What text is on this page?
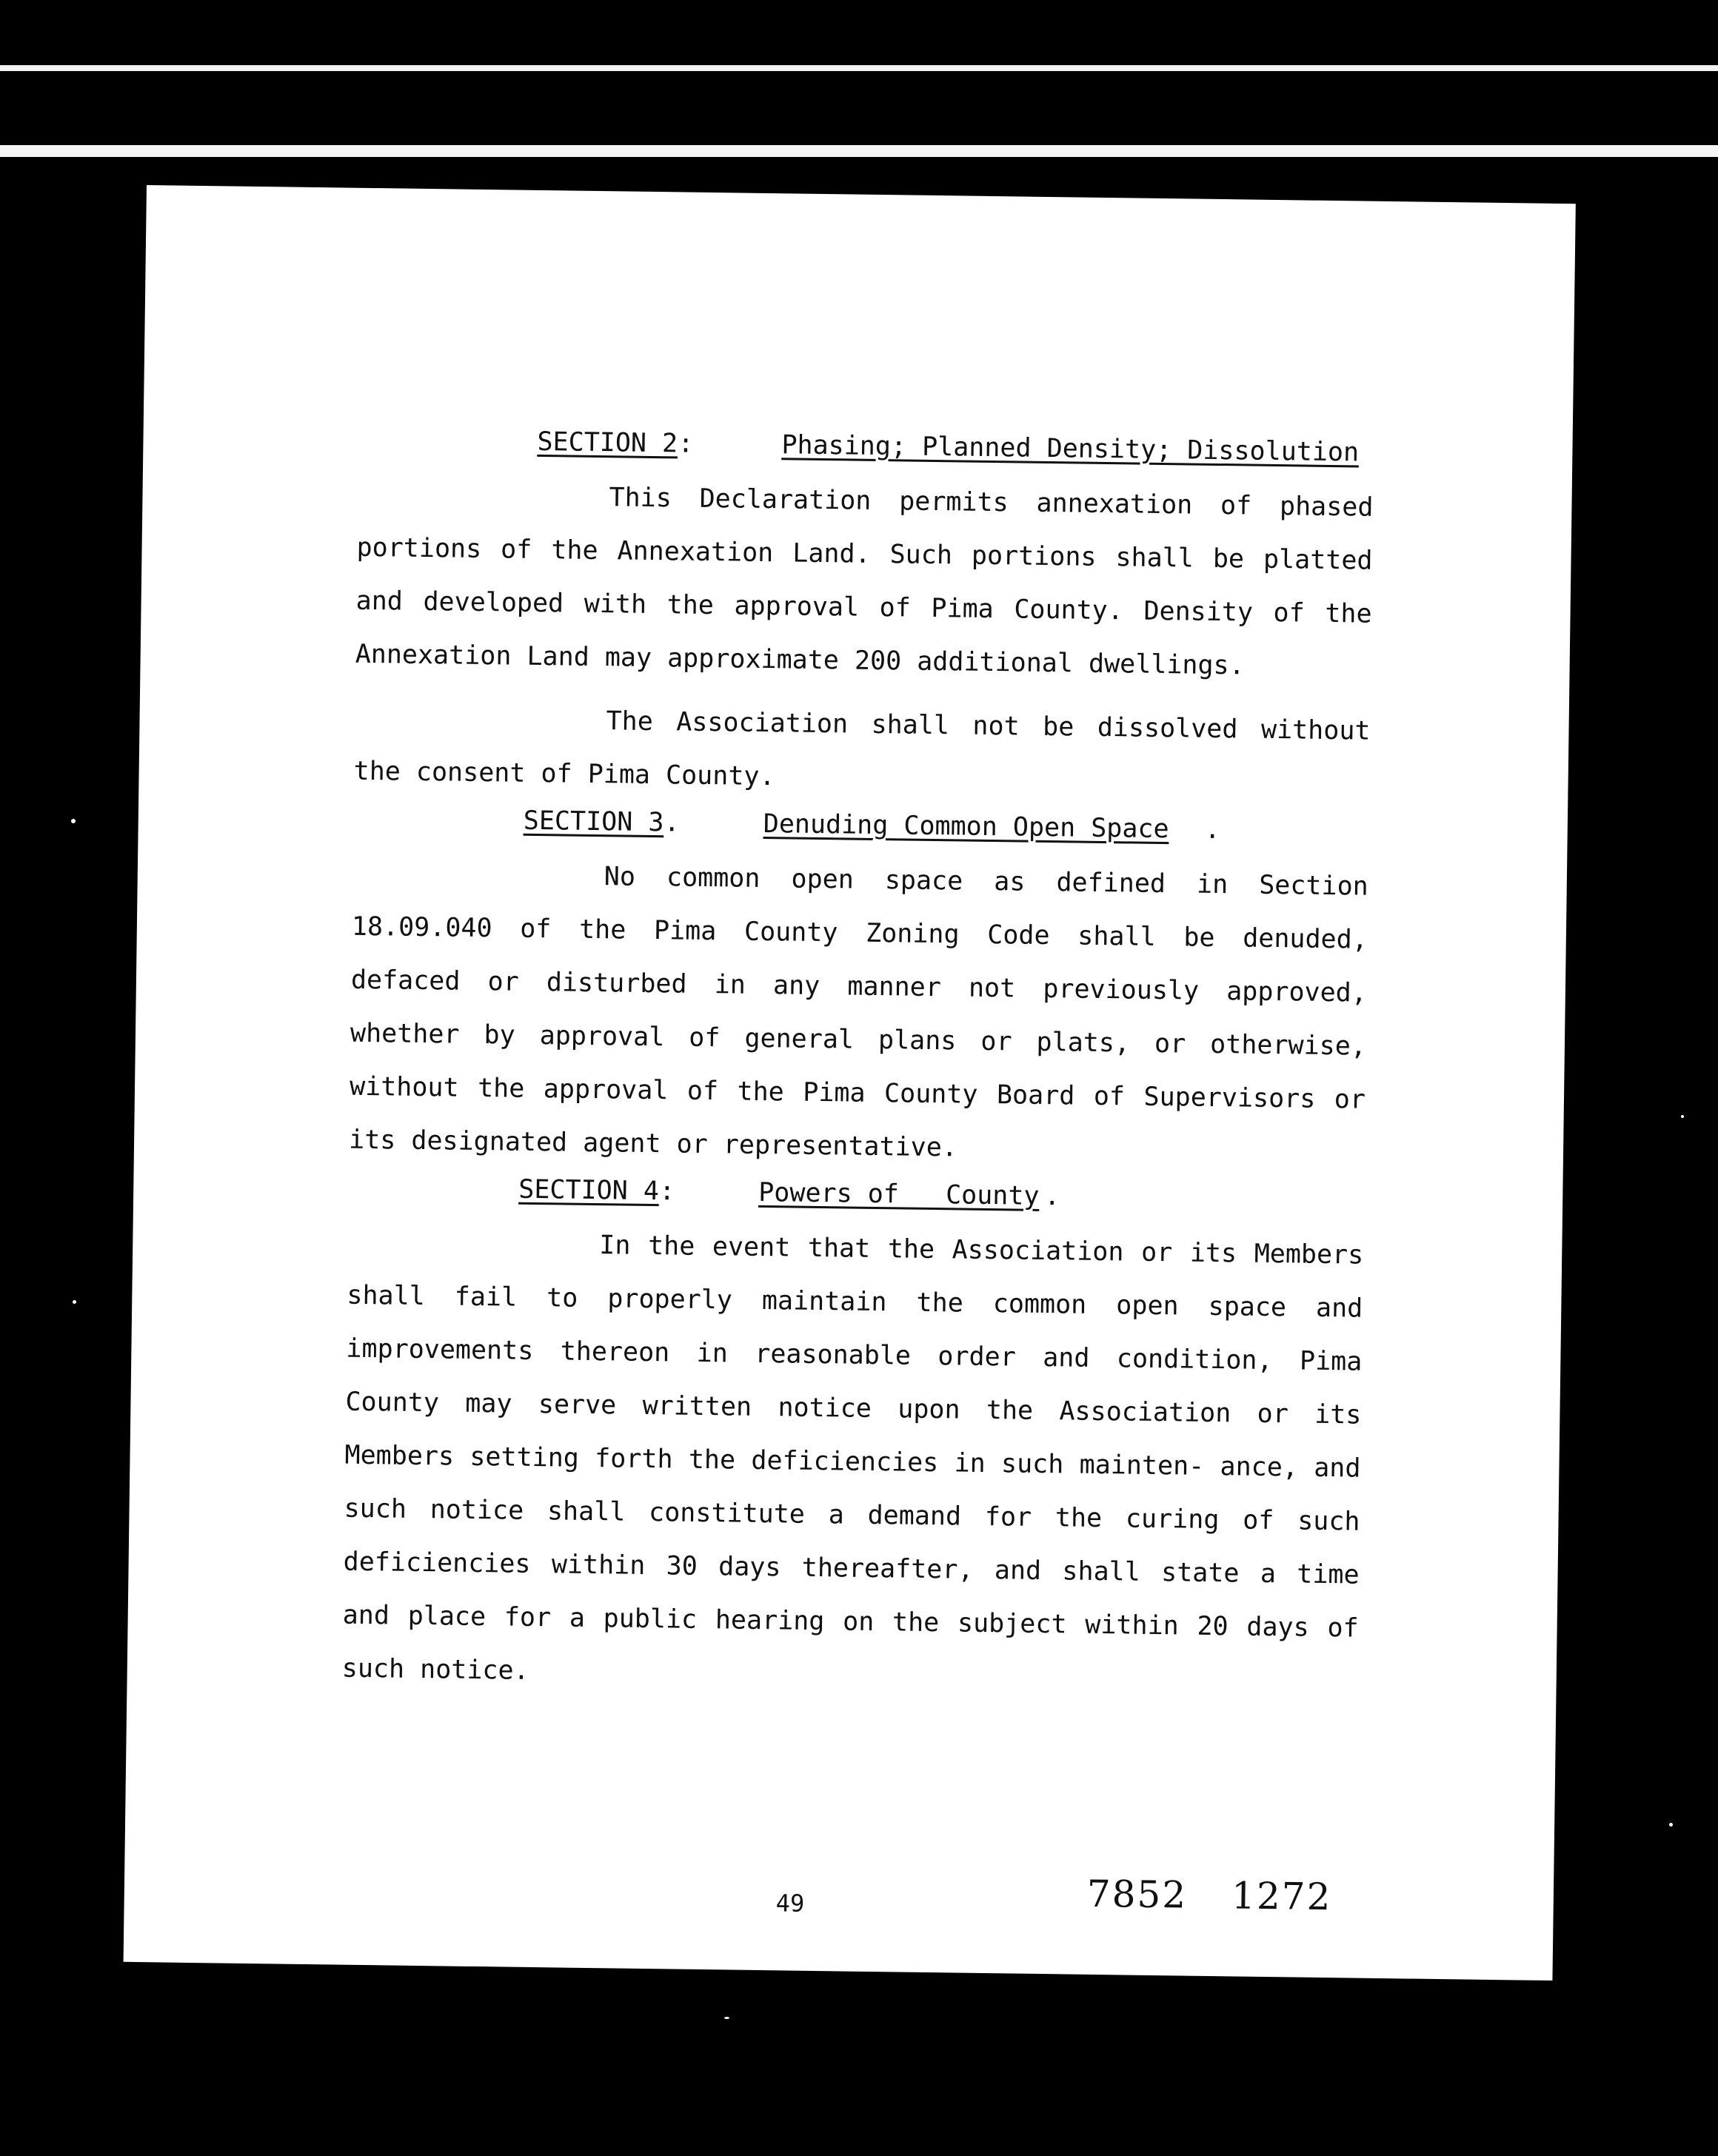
SECTION 2 :	Phasing; Planned Density; Dissolution

This Declaration permits annexation of phased portions of the Annexation Land. Such portions shall be platted and developed with the approval of Pima County. Density of the Annexation Land may approximate 200 additional dwellings.

The Association shall not be dissolved without the consent of Pima County.

SECTION 3 .	Denuding Common Open Space .

No common open space as defined in Section 18.09.040 of the Pima County Zoning Code shall be denuded, defaced or disturbed in any manner not previously approved, whether by approval of general plans or plats, or otherwise, without the approval of the Pima County Board of Supervisors or its designated agent or representative.

SECTION 4 :	Powers of   County .

In the event that the Association or its Members shall fail to properly maintain the common open space and improvements thereon in reasonable order and condition, Pima County may serve written notice upon the Association or its Members setting forth the deficiencies in such mainten- ance, and such notice shall constitute a demand for the curing of such deficiencies within 30 days thereafter, and shall state a time and place for a public hearing on the subject within 20 days of such notice.

49	7852 1272
